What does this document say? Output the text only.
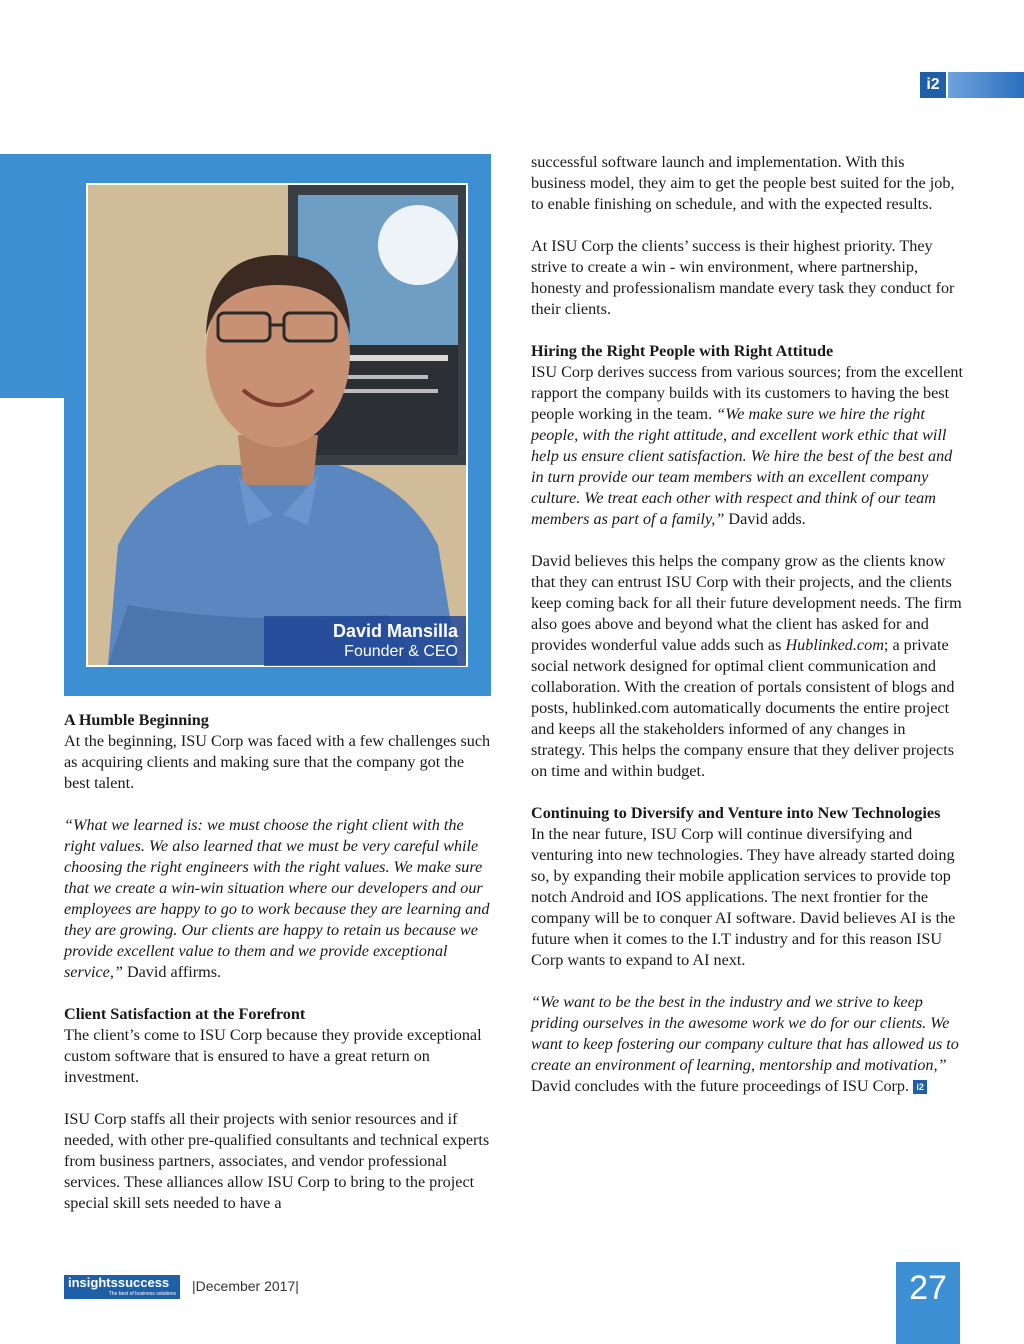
i2
David Mansilla
Founder & CEO
A Humble Beginning

At the beginning, ISU Corp was faced with a few challenges such as acquiring clients and making sure that the company got the best talent.

“What we learned is: we must choose the right client with the right values. We also learned that we must be very careful while choosing the right engineers with the right values. We make sure that we create a win-win situation where our developers and our employees are happy to go to work because they are learning and they are growing. Our clients are happy to retain us because we provide excellent value to them and we provide exceptional service,” David affirms.

Client Satisfaction at the Forefront

The client’s come to ISU Corp because they provide exceptional custom software that is ensured to have a great return on investment.

ISU Corp staffs all their projects with senior resources and if needed, with other pre-qualified consultants and technical experts from business partners, associates, and vendor professional services. These alliances allow ISU Corp to bring to the project special skill sets needed to have a

successful software launch and implementation. With this business model, they aim to get the people best suited for the job, to enable finishing on schedule, and with the expected results.

At ISU Corp the clients’ success is their highest priority. They strive to create a win - win environment, where partnership, honesty and professionalism mandate every task they conduct for their clients.

Hiring the Right People with Right Attitude

ISU Corp derives success from various sources; from the excellent rapport the company builds with its customers to having the best people working in the team. “We make sure we hire the right people, with the right attitude, and excellent work ethic that will help us ensure client satisfaction. We hire the best of the best and in turn provide our team members with an excellent company culture. We treat each other with respect and think of our team members as part of a family,” David adds.

David believes this helps the company grow as the clients know that they can entrust ISU Corp with their projects, and the clients keep coming back for all their future development needs. The firm also goes above and beyond what the client has asked for and provides wonderful value adds such as Hublinked.com; a private social network designed for optimal client communication and collaboration. With the creation of portals consistent of blogs and posts, hublinked.com automatically documents the entire project and keeps all the stakeholders informed of any changes in strategy. This helps the company ensure that they deliver projects on time and within budget.

Continuing to Diversify and Venture into New Technologies

In the near future, ISU Corp will continue diversifying and venturing into new technologies. They have already started doing so, by expanding their mobile application services to provide top notch Android and IOS applications. The next frontier for the company will be to conquer AI software. David believes AI is the future when it comes to the I.T industry and for this reason ISU Corp wants to expand to AI next.

“We want to be the best in the industry and we strive to keep priding ourselves in the awesome work we do for our clients. We want to keep fostering our company culture that has allowed us to create an environment of learning, mentorship and motivation,” David concludes with the future proceedings of ISU Corp. i2

insightssuccess
The best of business solutions |December 2017|	27
